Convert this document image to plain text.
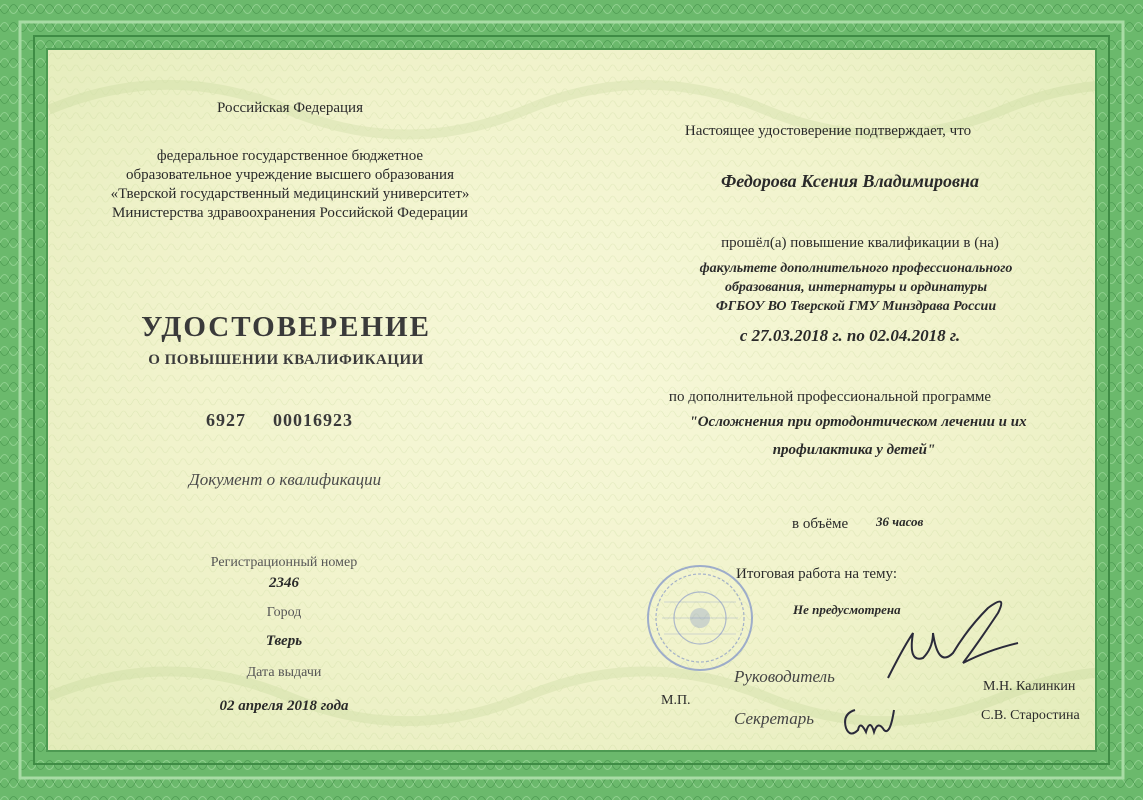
Российская Федерация
федеральное государственное бюджетное
образовательное учреждение высшего образования
«Тверской государственный медицинский университет»
Министерства здравоохранения Российской Федерации
УДОСТОВЕРЕНИЕ
О ПОВЫШЕНИИ КВАЛИФИКАЦИИ
6927 00016923
Документ о квалификации
Регистрационный номер
2346
Город
Тверь
Дата выдачи
02 апреля 2018 года
Настоящее удостоверение подтверждает, что
Федорова Ксения Владимировна
прошёл(а) повышение квалификации в (на)
факультете дополнительного профессионального
образования, интернатуры и ординатуры
ФГБОУ ВО Тверской ГМУ Минздрава России
с 27.03.2018 г. по 02.04.2018 г.
по дополнительной профессиональной программе
"Осложнения при ортодонтическом лечении и их
профилактика у детей"
в объёме 36 часов
Итоговая работа на тему:
Не предусмотрена
Руководитель
М.Н. Калинкин
М.П.
Секретарь	С.В. Старостина
